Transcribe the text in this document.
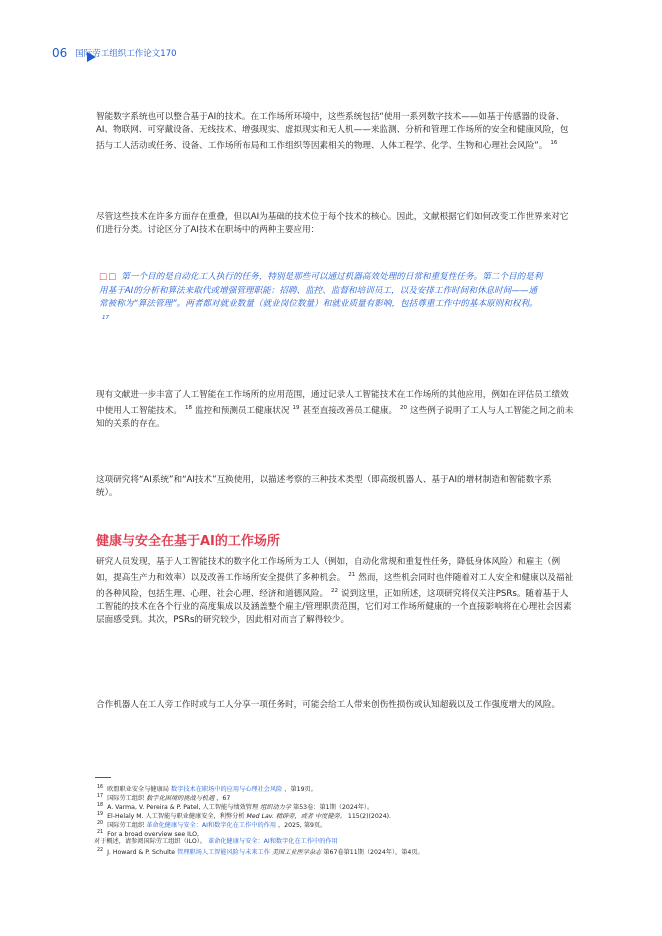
06 国际劳工组织工作论文170
智能数字系统也可以整合基于AI的技术。在工作场所环境中，这些系统包括“使用一系列数字技术——如基于传感器的设备、AI、物联网、可穿戴设备、无线技术、增强现实、虚拟现实和无人机——来监测、分析和管理工作场所的安全和健康风险，包括与工人活动或任务、设备、工作场所布局和工作组织等因素相关的物理、人体工程学、化学、生物和心理社会风险”。 $^{16}$
尽管这些技术在许多方面存在重叠，但以AI为基础的技术位于每个技术的核心。因此，文献根据它们如何改变工作世界来对它们进行分类。讨论区分了AI技术在职场中的两种主要应用：
□□ 第一个目的是自动化工人执行的任务，特别是那些可以通过机器高效处理的日常和重复性任务。第二个目的是利用基于AI的分析和算法来取代或增强管理职能：招聘、监控、监督和培训员工，以及安排工作时间和休息时间——通常被称为“算法管理”。两者都对就业数量（就业岗位数量）和就业质量有影响，包括尊重工作中的基本原则和权利。$^{17}$
现有文献进一步丰富了人工智能在工作场所的应用范围，通过记录人工智能技术在工作场所的其他应用，例如在评估员工绩效中使用人工智能技术。 $^{18}$ 监控和预测员工健康状况 $^{19}$ 甚至直接改善员工健康。 $^{20}$ 这些例子说明了工人与人工智能之间之前未知的关系的存在。
这项研究将“AI系统”和“AI技术”互换使用，以描述考察的三种技术类型（即高级机器人、基于AI的增材制造和智能数字系统）。
健康与安全在基于AI的工作场所
研究人员发现，基于人工智能技术的数字化工作场所为工人（例如，自动化常规和重复性任务，降低身体风险）和雇主（例如，提高生产力和效率）以及改善工作场所安全提供了多种机会。 $^{21}$ 然而，这些机会同时也伴随着对工人安全和健康以及福祉的各种风险，包括生理、心理、社会心理、经济和道德风险。 $^{22}$ 说到这里，正如所述，这项研究将仅关注PSRs。随着基于人工智能的技术在各个行业的高度集成以及涵盖整个雇主/管理职责范围，它们对工作场所健康的一个直接影响将在心理社会因素层面感受到。其次，PSRs的研究较少，因此相对而言了解得较少。
合作机器人在工人旁工作时或与工人分享一项任务时，可能会给工人带来创伤性损伤或认知超载以及工作强度增大的风险。
$^{16}$ 欧盟职业安全与健康局 数字技术在职场中的应用与心理社会风险 ，第19页。
$^{17}$ 国际劳工组织 数字化困境的挑战与机遇 ，67
$^{18}$ A. Varma, V. Pereira & P. Patel, 人工智能与绩效管理 组织动力学 第53卷：第1期（2024年）。
$^{19}$ El-Helaly M. 人工智能与职业健康安全，利弊分析 Med Lav. 精辟旁，或者 中度健旁。 115(2)(2024).
$^{20}$ 国际劳工组织 革命化健康与安全：AI和数字化在工作中的作用 ，2025, 第9页。
$^{21}$ For a broad overview see ILO,
对于概述，请参阅国际劳工组织（ILO）。 革命化健康与安全：AI和数字化在工作中的作用
$^{22}$ J. Howard & P. Schulte 管理职场人工智能风险与未来工作 美国工业医学杂志 第67卷第11期（2024年），第4页。
